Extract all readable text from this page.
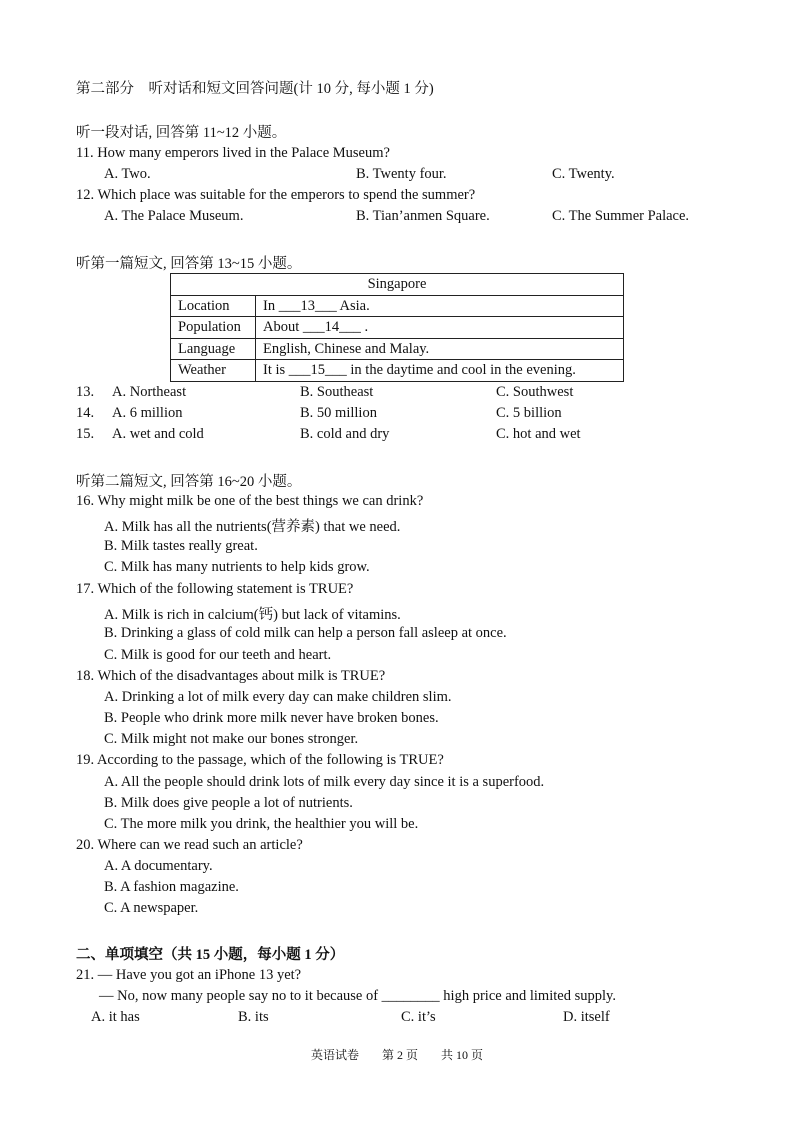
第二部分　听对话和短文回答问题(计 10 分, 每小题 1 分)
听一段对话, 回答第 11~12 小题。
11. How many emperors lived in the Palace Museum?
A. Two.	B. Twenty four.	C. Twenty.
12. Which place was suitable for the emperors to spend the summer?
A. The Palace Museum.	B. Tian’anmen Square.	C. The Summer Palace.
听第一篇短文, 回答第 13~15 小题。
Singapore	
Location	In ___13___ Asia.
Population	About ___14___ .
Language	English, Chinese and Malay.
Weather	It is ___15___ in the daytime and cool in the evening.
13. A. Northeast	B. Southeast	C. Southwest
14. A. 6 million	B. 50 million	C. 5 billion
15. A. wet and cold	B. cold and dry	C. hot and wet
听第二篇短文, 回答第 16~20 小题。
16. Why might milk be one of the best things we can drink?
A. Milk has all the nutrients(营养素) that we need.
B. Milk tastes really great.
C. Milk has many nutrients to help kids grow.
17. Which of the following statement is TRUE?
A. Milk is rich in calcium(钙) but lack of vitamins.
B. Drinking a glass of cold milk can help a person fall asleep at once.
C. Milk is good for our teeth and heart.
18. Which of the disadvantages about milk is TRUE?
A. Drinking a lot of milk every day can make children slim.
B. People who drink more milk never have broken bones.
C. Milk might not make our bones stronger.
19. According to the passage, which of the following is TRUE?
A. All the people should drink lots of milk every day since it is a superfood.
B. Milk does give people a lot of nutrients.
C. The more milk you drink, the healthier you will be.
20. Where can we read such an article?
A. A documentary.
B. A fashion magazine.
C. A newspaper.
二、单项填空（共 15 小题，每小题 1 分）
21. — Have you got an iPhone 13 yet?
— No, now many people say no to it because of ________ high price and limited supply.
A. it has	B. its	C. it’s	D. itself
英语试卷 第 2 页 共 10 页
